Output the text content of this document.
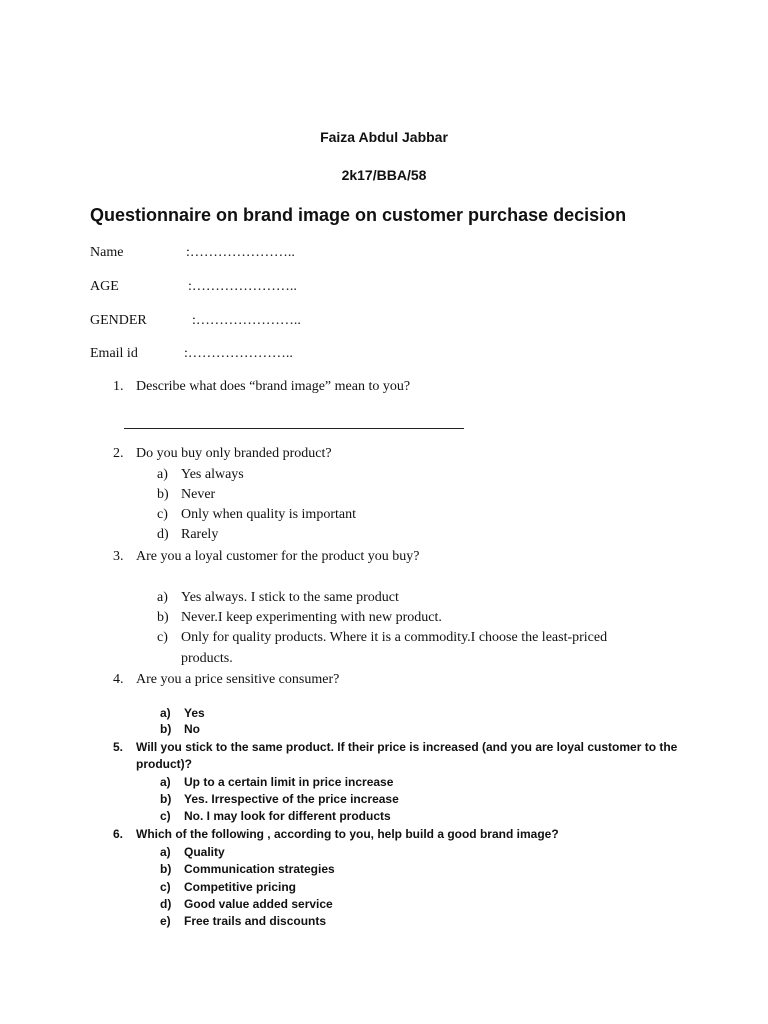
Faiza Abdul Jabbar
2k17/BBA/58
Questionnaire on brand image on customer purchase decision
Name	:…………………..
AGE	:…………………..
GENDER	:…………………..
Email id	:…………………..
1. Describe what does “brand image” mean to you?
2. Do you buy only branded product?
a) Yes always
b) Never
c) Only when quality is important
d) Rarely
3. Are you a loyal customer for the product you buy?
a) Yes always. I stick to the same product
b) Never.I keep experimenting with new product.
c) Only for quality products. Where it is a commodity.I choose the least-priced
products.
4. Are you a price sensitive consumer?
a) Yes
b) No
5. Will you stick to the same product. If their price is increased (and you are loyal customer to the
product)?
a) Up to a certain limit in price increase
b) Yes. Irrespective of the price increase
c) No. I may look for different products
6. Which of the following , according to you, help build a good brand image?
a) Quality
b) Communication strategies
c) Competitive pricing
d) Good value added service
e) Free trails and discounts
